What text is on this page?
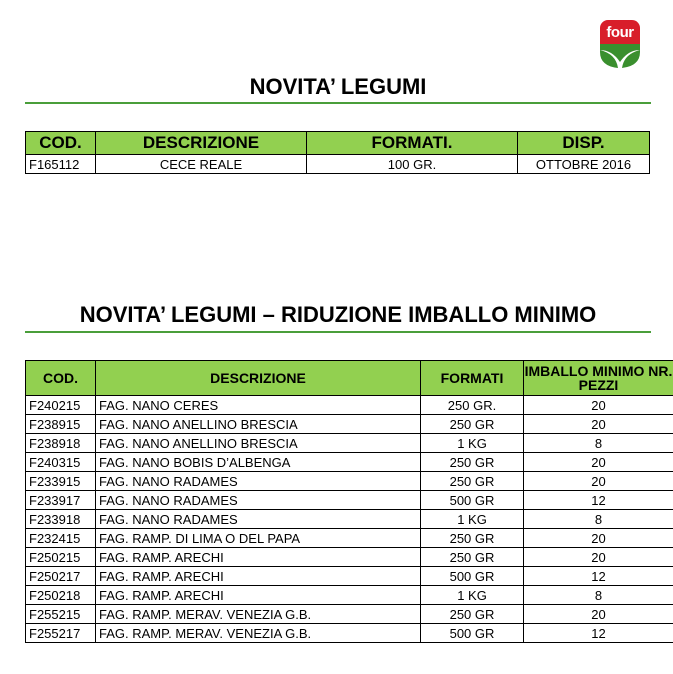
four
NOVITA’ LEGUMI
COD.	DESCRIZIONE	FORMATI.	DISP.
F165112	CECE REALE	100 GR.	OTTOBRE 2016
NOVITA’ LEGUMI – RIDUZIONE IMBALLO MINIMO
COD.	DESCRIZIONE	FORMATI	IMBALLO MINIMO NR. PEZZI
F240215	FAG. NANO CERES	250 GR.	20
F238915	FAG. NANO ANELLINO BRESCIA	250 GR	20
F238918	FAG. NANO ANELLINO BRESCIA	1 KG	8
F240315	FAG. NANO BOBIS D’ALBENGA	250 GR	20
F233915	FAG. NANO RADAMES	250 GR	20
F233917	FAG. NANO RADAMES	500 GR	12
F233918	FAG. NANO RADAMES	1 KG	8
F232415	FAG. RAMP. DI LIMA O DEL PAPA	250 GR	20
F250215	FAG. RAMP. ARECHI	250 GR	20
F250217	FAG. RAMP. ARECHI	500 GR	12
F250218	FAG. RAMP. ARECHI	1 KG	8
F255215	FAG. RAMP. MERAV. VENEZIA G.B.	250 GR	20
F255217	FAG. RAMP. MERAV. VENEZIA G.B.	500 GR	12
